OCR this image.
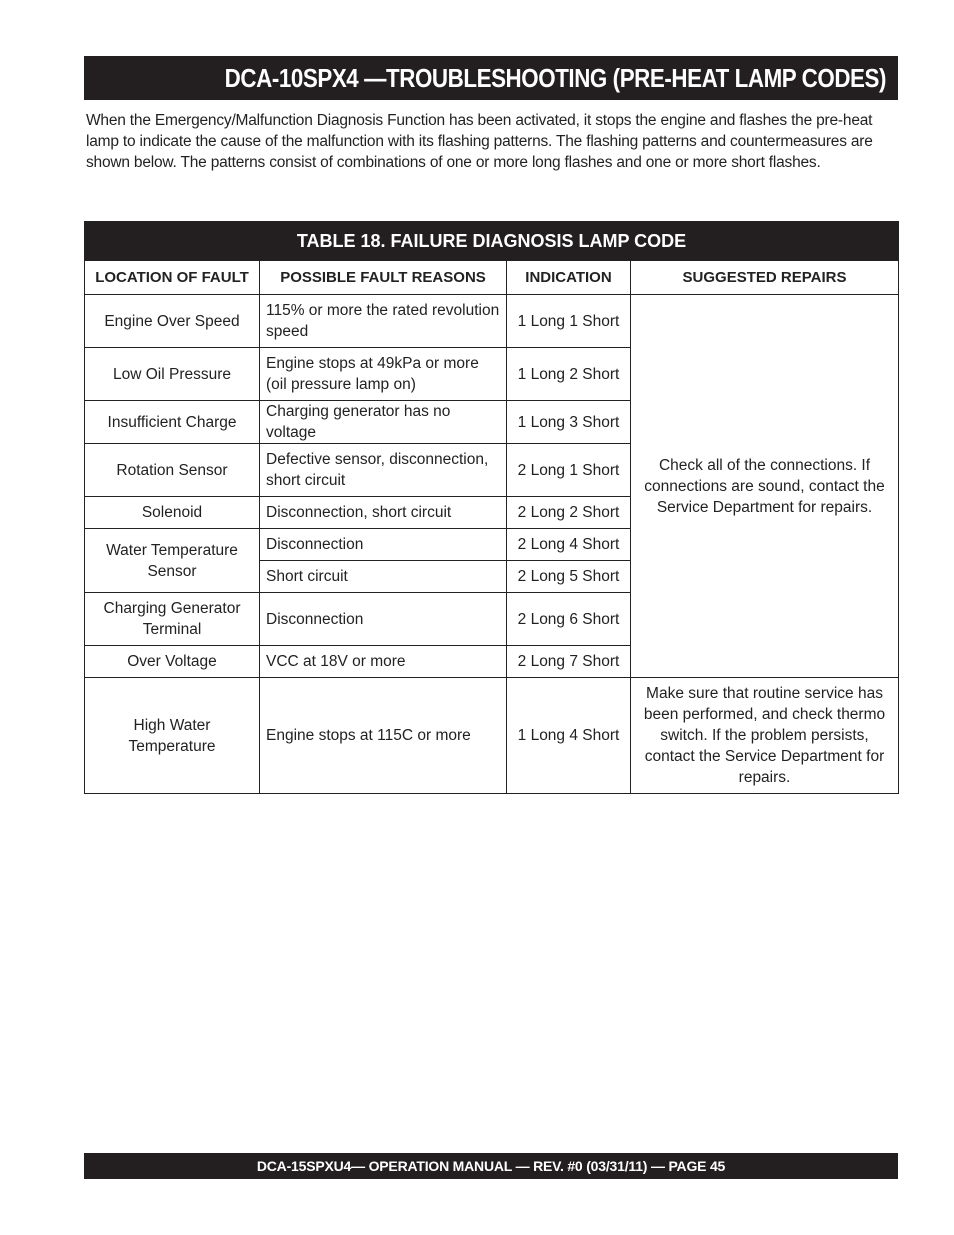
DCA-10SPX4 —TROUBLESHOOTING (PRE-HEAT LAMP CODES)

When the Emergency/Malfunction Diagnosis Function has been activated, it stops the engine and flashes the pre-heat lamp to indicate the cause of the malfunction with its flashing patterns. The flashing patterns and countermeasures are shown below. The patterns consist of combinations of one or more long flashes and one or more short flashes.

TABLE 18. FAILURE DIAGNOSIS LAMP CODE			
LOCATION OF FAULT	POSSIBLE FAULT REASONS	INDICATION	SUGGESTED REPAIRS
Engine Over Speed	115% or more the rated revolution speed	1 Long 1 Short	Check all of the connections. If connections are sound, contact the Service Department for repairs.
Low Oil Pressure	Engine stops at 49kPa or more (oil pressure lamp on)	1 Long 2 Short	
Insufficient Charge	Charging generator has no voltage	1 Long 3 Short	
Rotation Sensor	Defective sensor, disconnection, short circuit	2 Long 1 Short	
Solenoid	Disconnection, short circuit	2 Long 2 Short	
Water Temperature Sensor	Disconnection	2 Long 4 Short	
	Short circuit	2 Long 5 Short	
Charging Generator Terminal	Disconnection	2 Long 6 Short	
Over Voltage	VCC at 18V or more	2 Long 7 Short	
High Water Temperature	Engine stops at 115C or more	1 Long 4 Short	Make sure that routine service has been performed, and check thermo switch. If the problem persists, contact the Service Department for repairs.
DCA-15SPXU4— OPERATION MANUAL — REV. #0 (03/31/11) — PAGE 45
